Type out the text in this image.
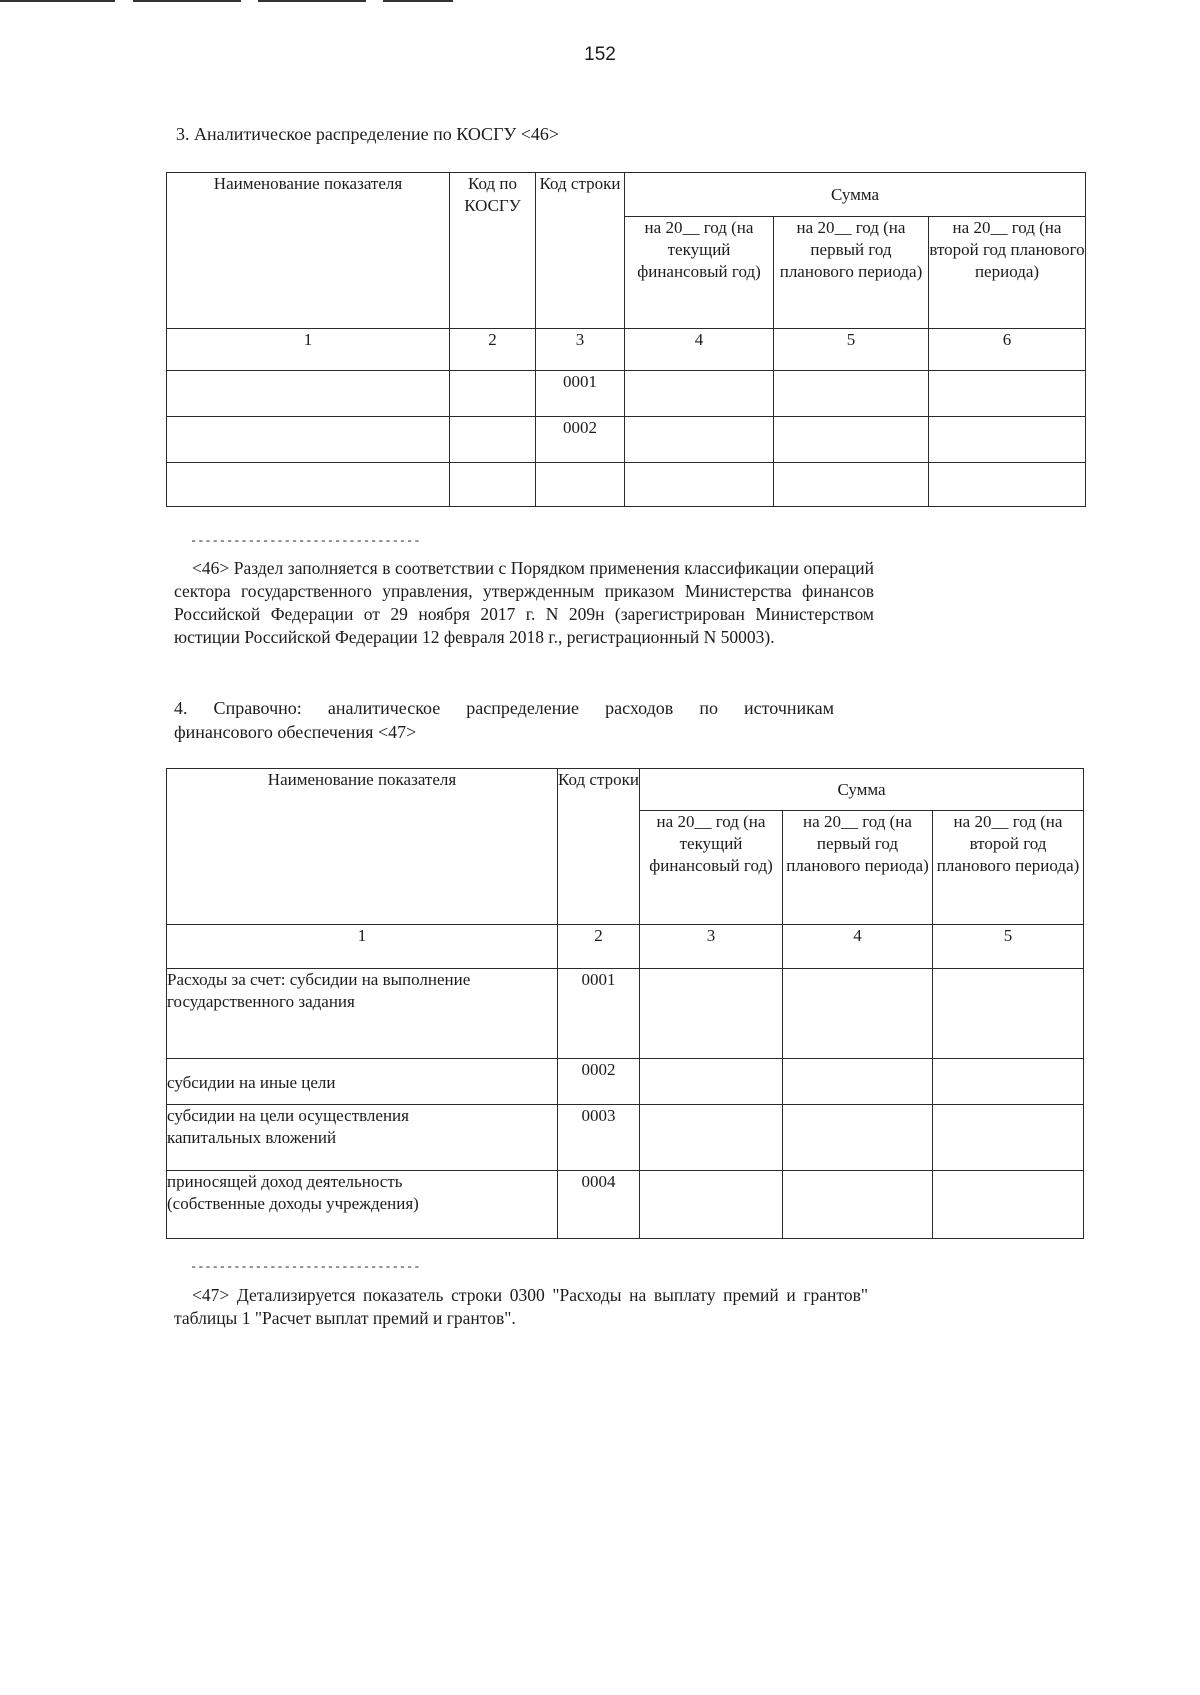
152
3. Аналитическое распределение по КОСГУ <46>
Наименование показателя	Код по КОСГУ	Код строки	Сумма		
			на 20__ год (на текущий финансовый год)	на 20__ год (на первый год планового периода)	на 20__ год (на второй год планового периода)
1	2	3	4	5	6
		0001			
		0002			

--------------------------------

<46> Раздел заполняется в соответствии с Порядком применения классификации операций сектора государственного управления, утвержденным приказом Министерства финансов Российской Федерации от 29 ноября 2017 г. N 209н (зарегистрирован Министерством юстиции Российской Федерации 12 февраля 2018 г., регистрационный N 50003).

4. Справочно: аналитическое распределение расходов по источникам
финансового обеспечения <47>
Наименование показателя	Код строки	Сумма		
		на 20__ год (на текущий финансовый год)	на 20__ год (на первый год планового периода)	на 20__ год (на второй год планового периода)
1	2	3	4	5
Расходы за счет: субсидии на выполнение государственного задания	0001			
субсидии на иные цели	0002			
субсидии на цели осуществления капитальных вложений	0003			
приносящей доход деятельность (собственные доходы учреждения)	0004			
--------------------------------

<47> Детализируется показатель строки 0300 "Расходы на выплату премий и грантов" таблицы 1 "Расчет выплат премий и грантов".
